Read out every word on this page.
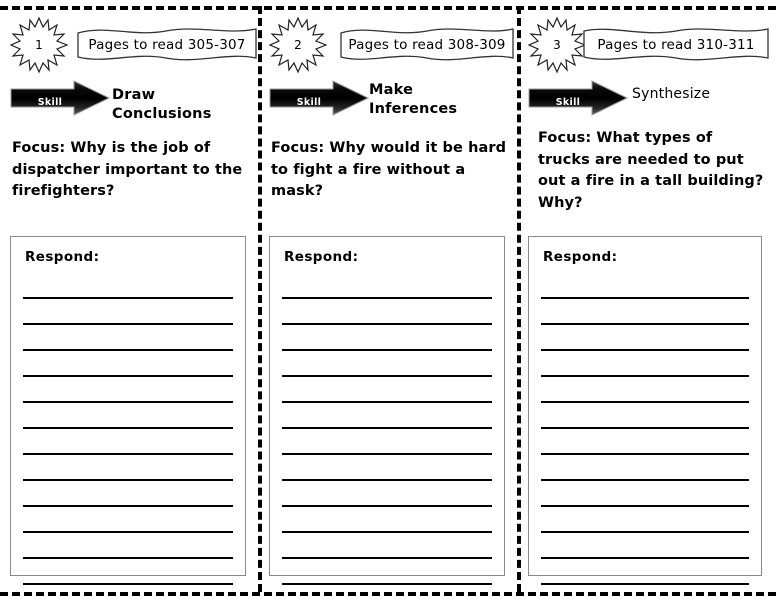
1	Pages to read 305-307
Skill	Draw Conclusions
Focus: Why is the job of dispatcher important to the firefighters?
Respond:
2	Pages to read 308-309
Skill
Make Inferences
Focus: Why would it be hard to fight a fire without a mask?
Respond:
3	Pages to read 310-311
Skill	Synthesize
Focus: What types of trucks are needed to put out a fire in a tall building? Why?
Respond:
